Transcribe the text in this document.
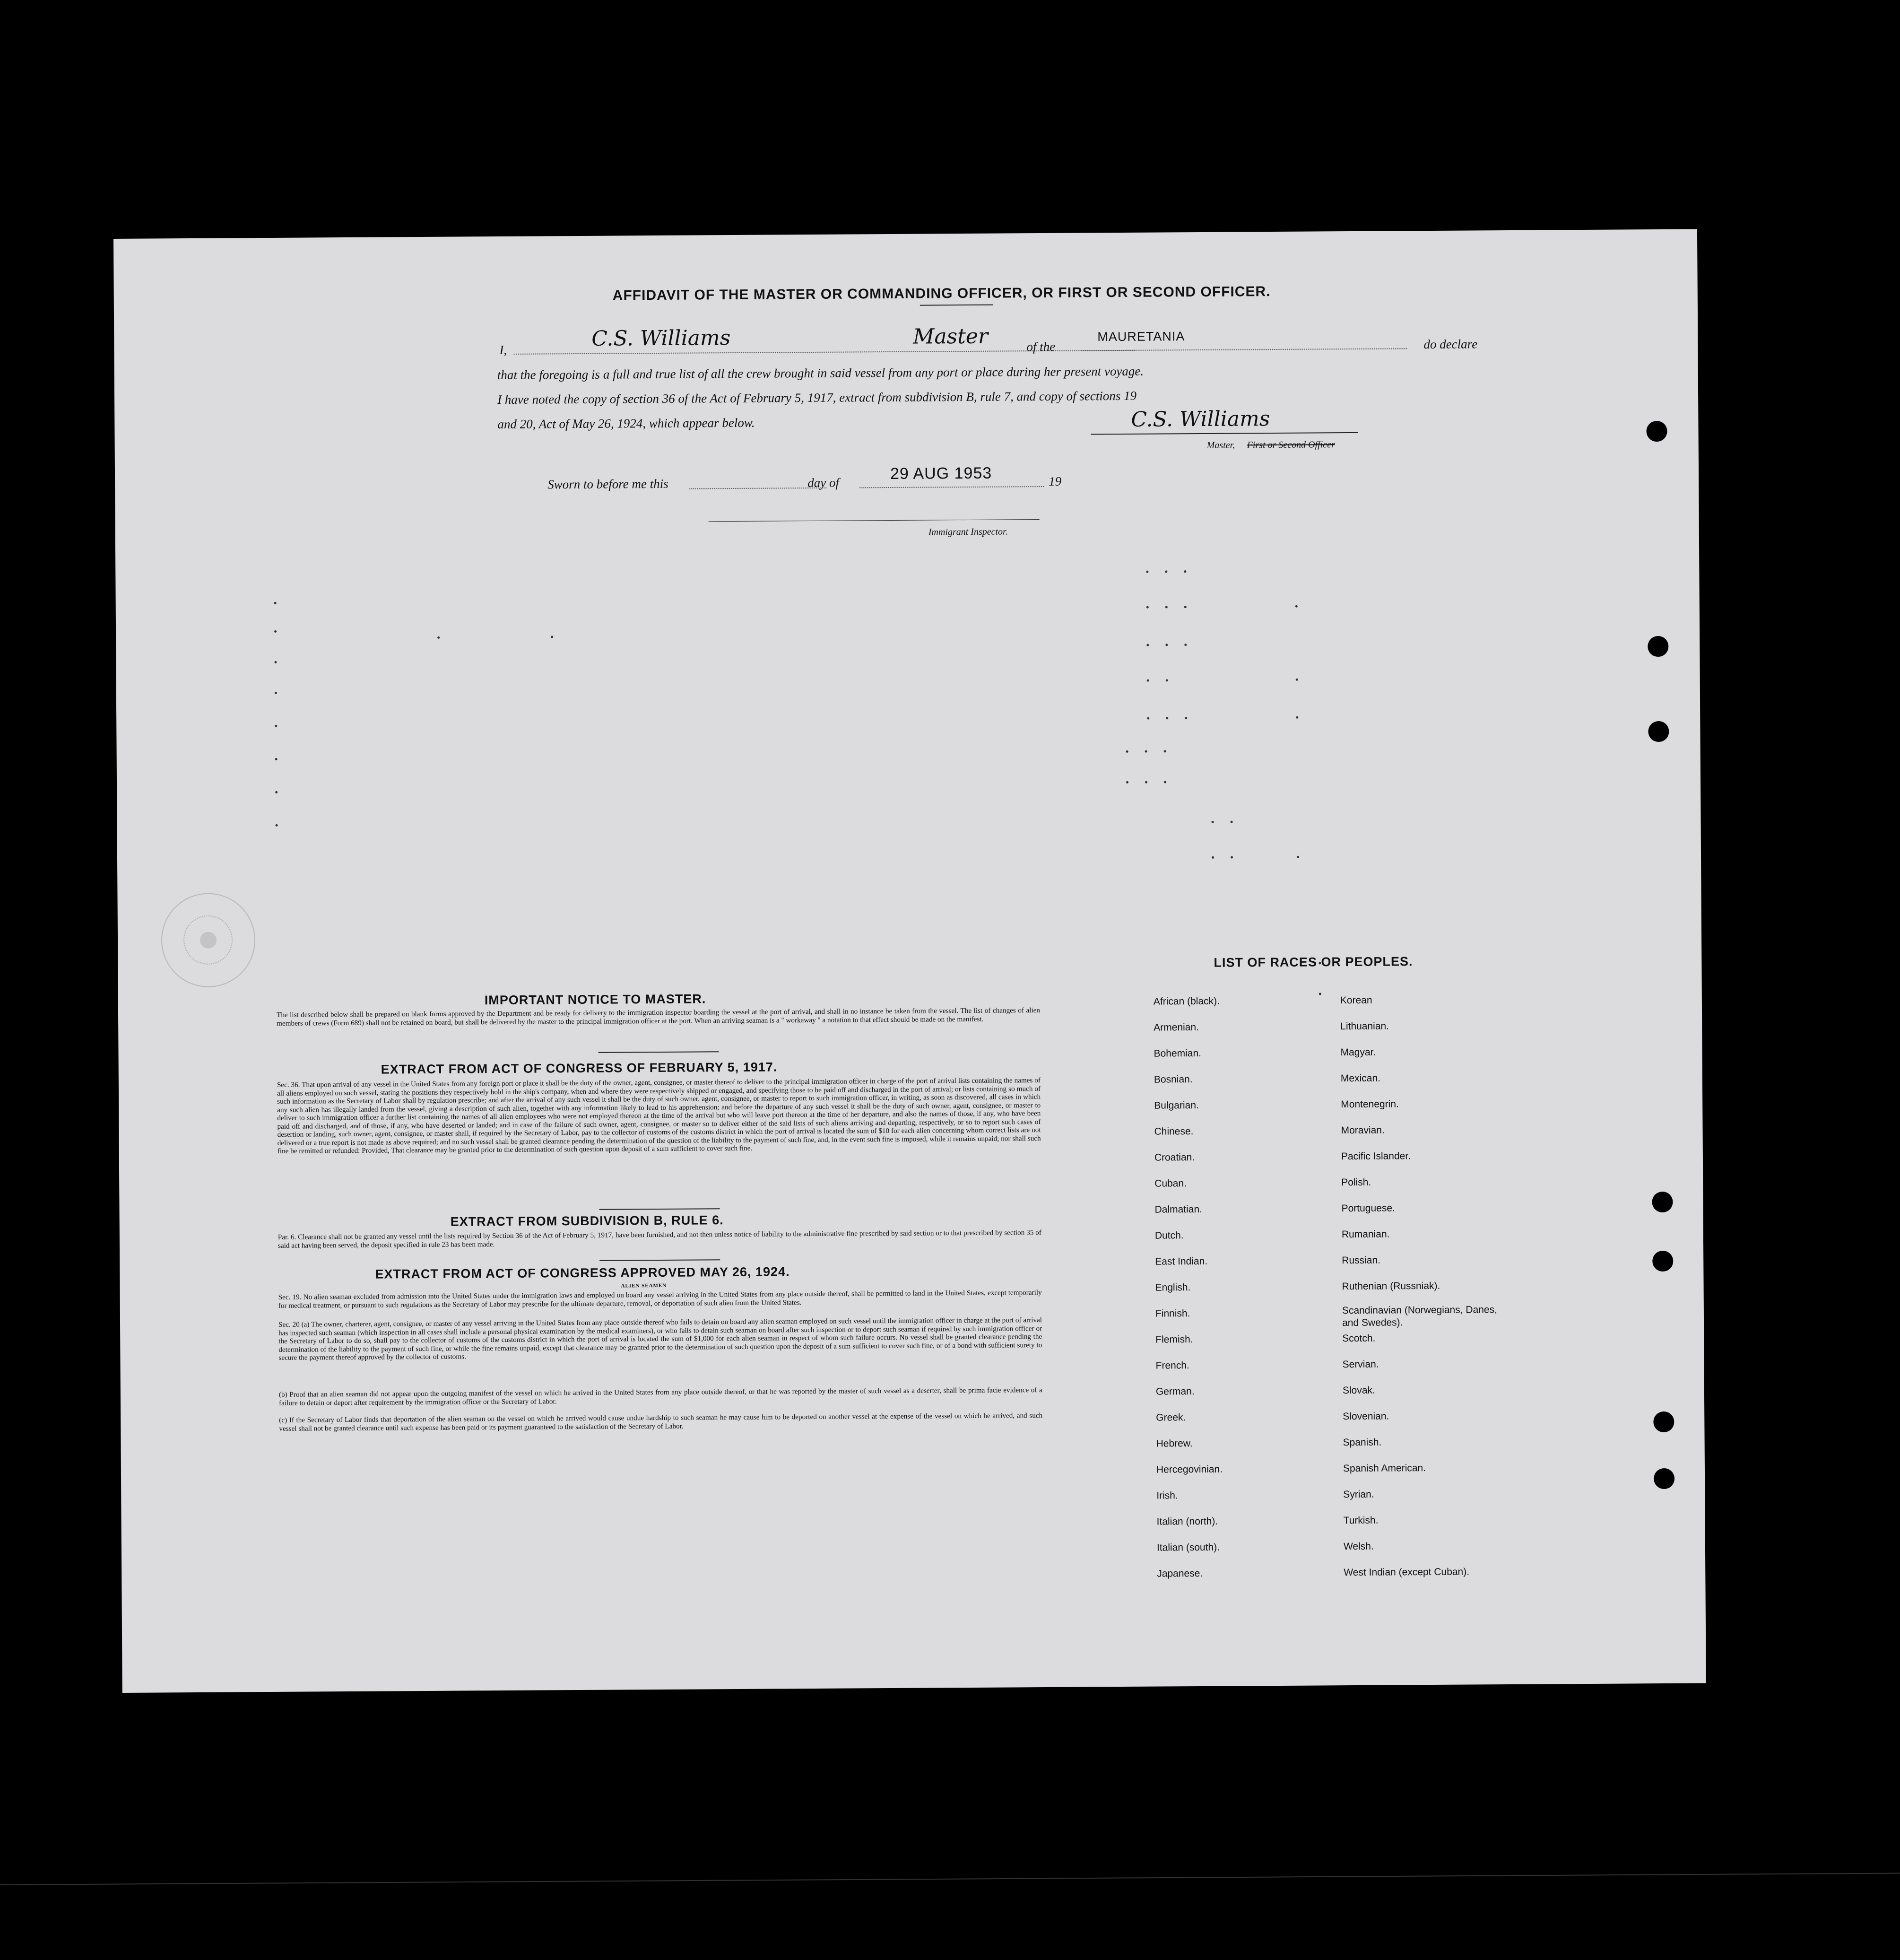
AFFIDAVIT OF THE MASTER OR COMMANDING OFFICER, OR FIRST OR SECOND OFFICER.
I,	C.S. Williams	Master	of the
MAURETANIA
do declare
that the foregoing is a full and true list of all the crew brought in said vessel from any port or place during her present voyage.
I have noted the copy of section 36 of the Act of February 5, 1917, extract from subdivision B, rule 7, and copy of sections 19
and 20, Act of May 26, 1924, which appear below.	C.S. Williams
Master, First or Second Officer
Sworn to before me this	day of	29 AUG 1953	19
Immigrant Inspector.
IMPORTANT NOTICE TO MASTER.
The list described below shall be prepared on blank forms approved by the Department and be ready for delivery to the immigration inspector boarding the vessel at the port of arrival, and shall in no instance be taken from the vessel. The list of changes of alien members of crews (Form 689) shall not be retained on board, but shall be delivered by the master to the principal immigration officer at the port. When an arriving seaman is a " workaway " a notation to that effect should be made on the manifest.
EXTRACT FROM ACT OF CONGRESS OF FEBRUARY 5, 1917.
Sec. 36. That upon arrival of any vessel in the United States from any foreign port or place it shall be the duty of the owner, agent, consignee, or master thereof to deliver to the principal immigration officer in charge of the port of arrival lists containing the names of all aliens employed on such vessel, stating the positions they respectively hold in the ship's company, when and where they were respectively shipped or engaged, and specifying those to be paid off and discharged in the port of arrival; or lists containing so much of such information as the Secretary of Labor shall by regulation prescribe; and after the arrival of any such vessel it shall be the duty of such owner, agent, consignee, or master to report to such immigration officer, in writing, as soon as discovered, all cases in which any such alien has illegally landed from the vessel, giving a description of such alien, together with any information likely to lead to his apprehension; and before the departure of any such vessel it shall be the duty of such owner, agent, consignee, or master to deliver to such immigration officer a further list containing the names of all alien employees who were not employed thereon at the time of the arrival but who will leave port thereon at the time of her departure, and also the names of those, if any, who have been paid off and discharged, and of those, if any, who have deserted or landed; and in case of the failure of such owner, agent, consignee, or master so to deliver either of the said lists of such aliens arriving and departing, respectively, or so to report such cases of desertion or landing, such owner, agent, consignee, or master shall, if required by the Secretary of Labor, pay to the collector of customs of the customs district in which the port of arrival is located the sum of $10 for each alien concerning whom correct lists are not delivered or a true report is not made as above required; and no such vessel shall be granted clearance pending the determination of the question of the liability to the payment of such fine, and, in the event such fine is imposed, while it remains unpaid; nor shall such fine be remitted or refunded: Provided, That clearance may be granted prior to the determination of such question upon deposit of a sum sufficient to cover such fine.
EXTRACT FROM SUBDIVISION B, RULE 6.
Par. 6. Clearance shall not be granted any vessel until the lists required by Section 36 of the Act of February 5, 1917, have been furnished, and not then unless notice of liability to the administrative fine prescribed by said section or to that prescribed by section 35 of said act having been served, the deposit specified in rule 23 has been made.
EXTRACT FROM ACT OF CONGRESS APPROVED MAY 26, 1924.
ALIEN SEAMEN
Sec. 19. No alien seaman excluded from admission into the United States under the immigration laws and employed on board any vessel arriving in the United States from any place outside thereof, shall be permitted to land in the United States, except temporarily for medical treatment, or pursuant to such regulations as the Secretary of Labor may prescribe for the ultimate departure, removal, or deportation of such alien from the United States.
Sec. 20 (a) The owner, charterer, agent, consignee, or master of any vessel arriving in the United States from any place outside thereof who fails to detain on board any alien seaman employed on such vessel until the immigration officer in charge at the port of arrival has inspected such seaman (which inspection in all cases shall include a personal physical examination by the medical examiners), or who fails to detain such seaman on board after such inspection or to deport such seaman if required by such immigration officer or the Secretary of Labor to do so, shall pay to the collector of customs of the customs district in which the port of arrival is located the sum of $1,000 for each alien seaman in respect of whom such failure occurs. No vessel shall be granted clearance pending the determination of the liability to the payment of such fine, or while the fine remains unpaid, except that clearance may be granted prior to the determination of such question upon the deposit of a sum sufficient to cover such fine, or of a bond with sufficient surety to secure the payment thereof approved by the collector of customs.
(b) Proof that an alien seaman did not appear upon the outgoing manifest of the vessel on which he arrived in the United States from any place outside thereof, or that he was reported by the master of such vessel as a deserter, shall be prima facie evidence of a failure to detain or deport after requirement by the immigration officer or the Secretary of Labor.
(c) If the Secretary of Labor finds that deportation of the alien seaman on the vessel on which he arrived would cause undue hardship to such seaman he may cause him to be deported on another vessel at the expense of the vessel on which he arrived, and such vessel shall not be granted clearance until such expense has been paid or its payment guaranteed to the satisfaction of the Secretary of Labor.
LIST OF RACES OR PEOPLES.
African (black).
Armenian.
Bohemian.
Bosnian.
Bulgarian.
Chinese.
Croatian.
Cuban.
Dalmatian.
Dutch.
East Indian.
English.
Finnish.
Flemish.
French.
German.
Greek.
Hebrew.
Hercegovinian.
Irish.
Italian (north).
Italian (south).
Japanese.
Korean
Lithuanian.
Magyar.
Mexican.
Montenegrin.
Moravian.
Pacific Islander.
Polish.
Portuguese.
Rumanian.
Russian.
Ruthenian (Russniak).
Scandinavian (Norwegians, Danes, and Swedes).
Scotch.
Servian.
Slovak.
Slovenian.
Spanish.
Spanish American.
Syrian.
Turkish.
Welsh.
West Indian (except Cuban).
